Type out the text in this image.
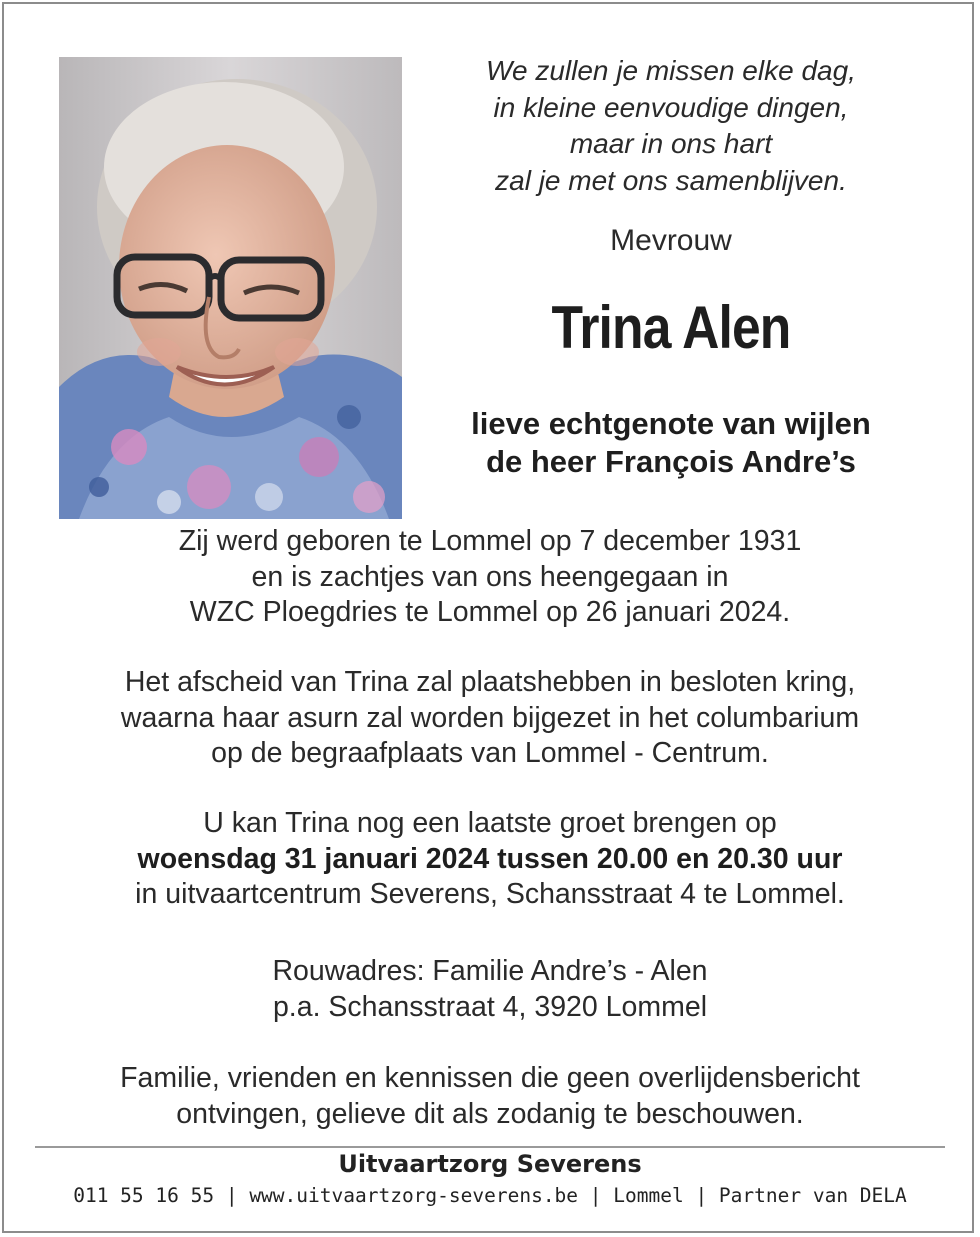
We zullen je missen elke dag,
in kleine eenvoudige dingen,
maar in ons hart
zal je met ons samenblijven.
Mevrouw
Trina Alen
lieve echtgenote van wijlen
de heer François Andre’s
Zij werd geboren te Lommel op 7 december 1931
en is zachtjes van ons heengegaan in
WZC Ploegdries te Lommel op 26 januari 2024.
Het afscheid van Trina zal plaatshebben in besloten kring,
waarna haar asurn zal worden bijgezet in het columbarium
op de begraafplaats van Lommel - Centrum.
U kan Trina nog een laatste groet brengen op
woensdag 31 januari 2024 tussen 20.00 en 20.30 uur
in uitvaartcentrum Severens, Schansstraat 4 te Lommel.
Rouwadres: Familie Andre’s - Alen
p.a. Schansstraat 4, 3920 Lommel
Familie, vrienden en kennissen die geen overlijdensbericht
ontvingen, gelieve dit als zodanig te beschouwen.
Uitvaartzorg Severens
011 55 16 55 | www.uitvaartzorg-severens.be | Lommel | Partner van DELA
